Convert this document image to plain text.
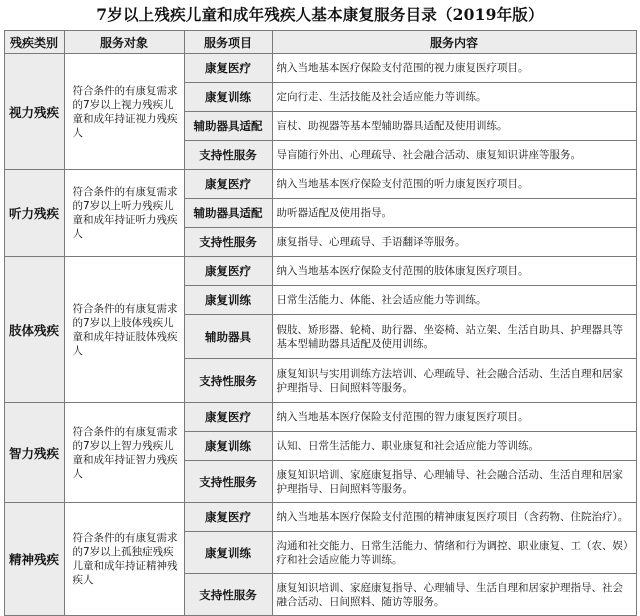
7岁以上残疾儿童和成年残疾人基本康复服务目录（2019年版）
残疾类别	服务对象	服务项目	服务内容
视力残疾	符合条件的有康复需求的7岁以上视力残疾儿童和成年持证视力残疾人	康复医疗	纳入当地基本医疗保险支付范围的视力康复医疗项目。
		康复训练	定向行走、生活技能及社会适应能力等训练。
		辅助器具适配	盲杖、助视器等基本型辅助器具适配及使用训练。
		支持性服务	导盲随行外出、心理疏导、社会融合活动、康复知识讲座等服务。
听力残疾	符合条件的有康复需求的7岁以上听力残疾儿童和成年持证听力残疾人	康复医疗	纳入当地基本医疗保险支付范围的听力康复医疗项目。
		辅助器具适配	助听器适配及使用指导。
		支持性服务	康复指导、心理疏导、手语翻译等服务。
肢体残疾	符合条件的有康复需求的7岁以上肢体残疾儿童和成年持证肢体残疾人	康复医疗	纳入当地基本医疗保险支付范围的肢体康复医疗项目。
		康复训练	日常生活能力、体能、社会适应能力等训练。
		辅助器具	假肢、矫形器、轮椅、助行器、坐姿椅、站立架、生活自助具、护理器具等基本型辅助器具适配及使用训练。
		支持性服务	康复知识与实用训练方法培训、心理疏导、社会融合活动、生活自理和居家护理指导、日间照料等服务。
智力残疾	符合条件的有康复需求的7岁以上智力残疾儿童和成年持证智力残疾人	康复医疗	纳入当地基本医疗保险支付范围的智力康复医疗项目。
		康复训练	认知、日常生活能力、职业康复和社会适应能力等训练。
		支持性服务	康复知识培训、家庭康复指导、心理辅导、社会融合活动、生活自理和居家护理指导、日间照料等服务。
精神残疾	符合条件的有康复需求的7岁以上孤独症残疾儿童和成年持证精神残疾人	康复医疗	纳入当地基本医疗保险支付范围的精神康复医疗项目（含药物、住院治疗）。
		康复训练	沟通和社交能力、日常生活能力、情绪和行为调控、职业康复、工（农、娱）疗和社会适应能力等训练。
		支持性服务	康复知识培训、家庭康复指导、心理辅导、生活自理和居家护理指导、社会融合活动、日间照料、随访等服务。
